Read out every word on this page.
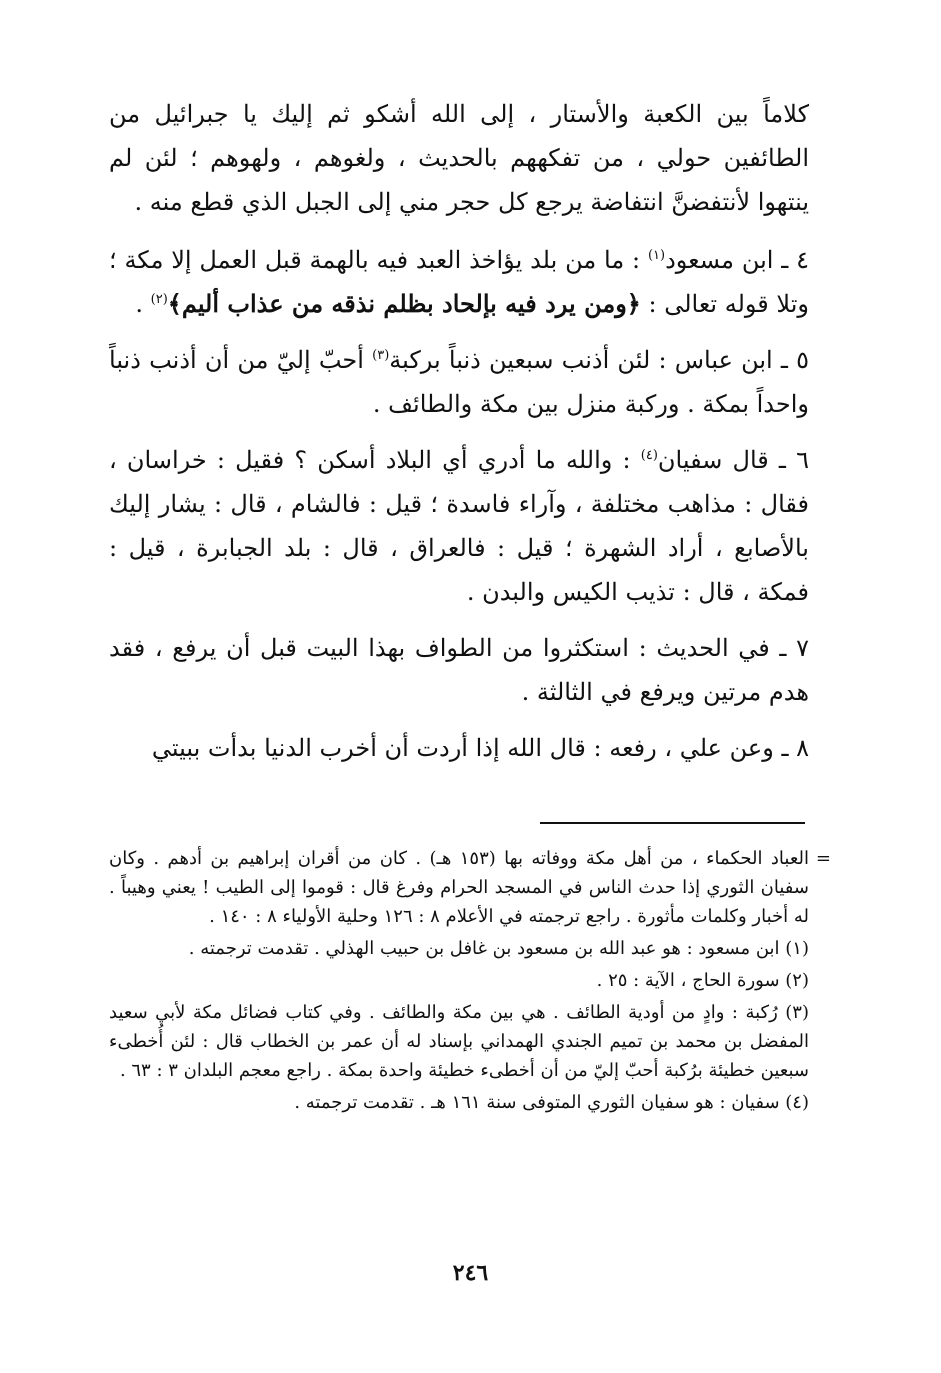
كلاماً بين الكعبة والأستار ، إلى الله أشكو ثم إليك يا جبرائيل من الطائفين حولي ، من تفكههم بالحديث ، ولغوهم ، ولهوهم ؛ لئن لم ينتهوا لأنتفضنَّ انتفاضة يرجع كل حجر مني إلى الجبل الذي قطع منه .

٤ ـ ابن مسعود$^{(١)}$ : ما من بلد يؤاخذ العبد فيه بالهمة قبل العمل إلا مكة ؛ وتلا قوله تعالى : ﴿ومن يرد فيه بإلحاد بظلم نذقه من عذاب أليم﴾$^{(٢)}$ .

٥ ـ ابن عباس : لئن أذنب سبعين ذنباً بركبة$^{(٣)}$ أحبّ إليّ من أن أذنب ذنباً واحداً بمكة . وركبة منزل بين مكة والطائف .

٦ ـ قال سفيان$^{(٤)}$ : والله ما أدري أي البلاد أسكن ؟ فقيل : خراسان ، فقال : مذاهب مختلفة ، وآراء فاسدة ؛ قيل : فالشام ، قال : يشار إليك بالأصابع ، أراد الشهرة ؛ قيل : فالعراق ، قال : بلد الجبابرة ، قيل : فمكة ، قال : تذيب الكيس والبدن .

٧ ـ في الحديث : استكثروا من الطواف بهذا البيت قبل أن يرفع ، فقد هدم مرتين ويرفع في الثالثة .

٨ ـ وعن علي ، رفعه : قال الله إذا أردت أن أخرب الدنيا بدأت ببيتي

=
العباد الحكماء ، من أهل مكة ووفاته بها (١٥٣ هـ) . كان من أقران إبراهيم بن أدهم . وكان سفيان الثوري إذا حدث الناس في المسجد الحرام وفرغ قال : قوموا إلى الطيب ! يعني وهيباً . له أخبار وكلمات مأثورة . راجع ترجمته في الأعلام ٨ : ١٢٦ وحلية الأولياء ٨ : ١٤٠ .

(١) ابن مسعود : هو عبد الله بن مسعود بن غافل بن حبيب الهذلي . تقدمت ترجمته .

(٢) سورة الحاج ، الآية : ٢٥ .

(٣) رُكبة : وادٍ من أودية الطائف . هي بين مكة والطائف . وفي كتاب فضائل مكة لأبي سعيد المفضل بن محمد بن تميم الجندي الهمداني بإسناد له أن عمر بن الخطاب قال : لئن أُخطىء سبعين خطيئة برُكبة أحبّ إليّ من أن أخطىء خطيئة واحدة بمكة . راجع معجم البلدان ٣ : ٦٣ .

(٤) سفيان : هو سفيان الثوري المتوفى سنة ١٦١ هـ . تقدمت ترجمته .

٢٤٦
